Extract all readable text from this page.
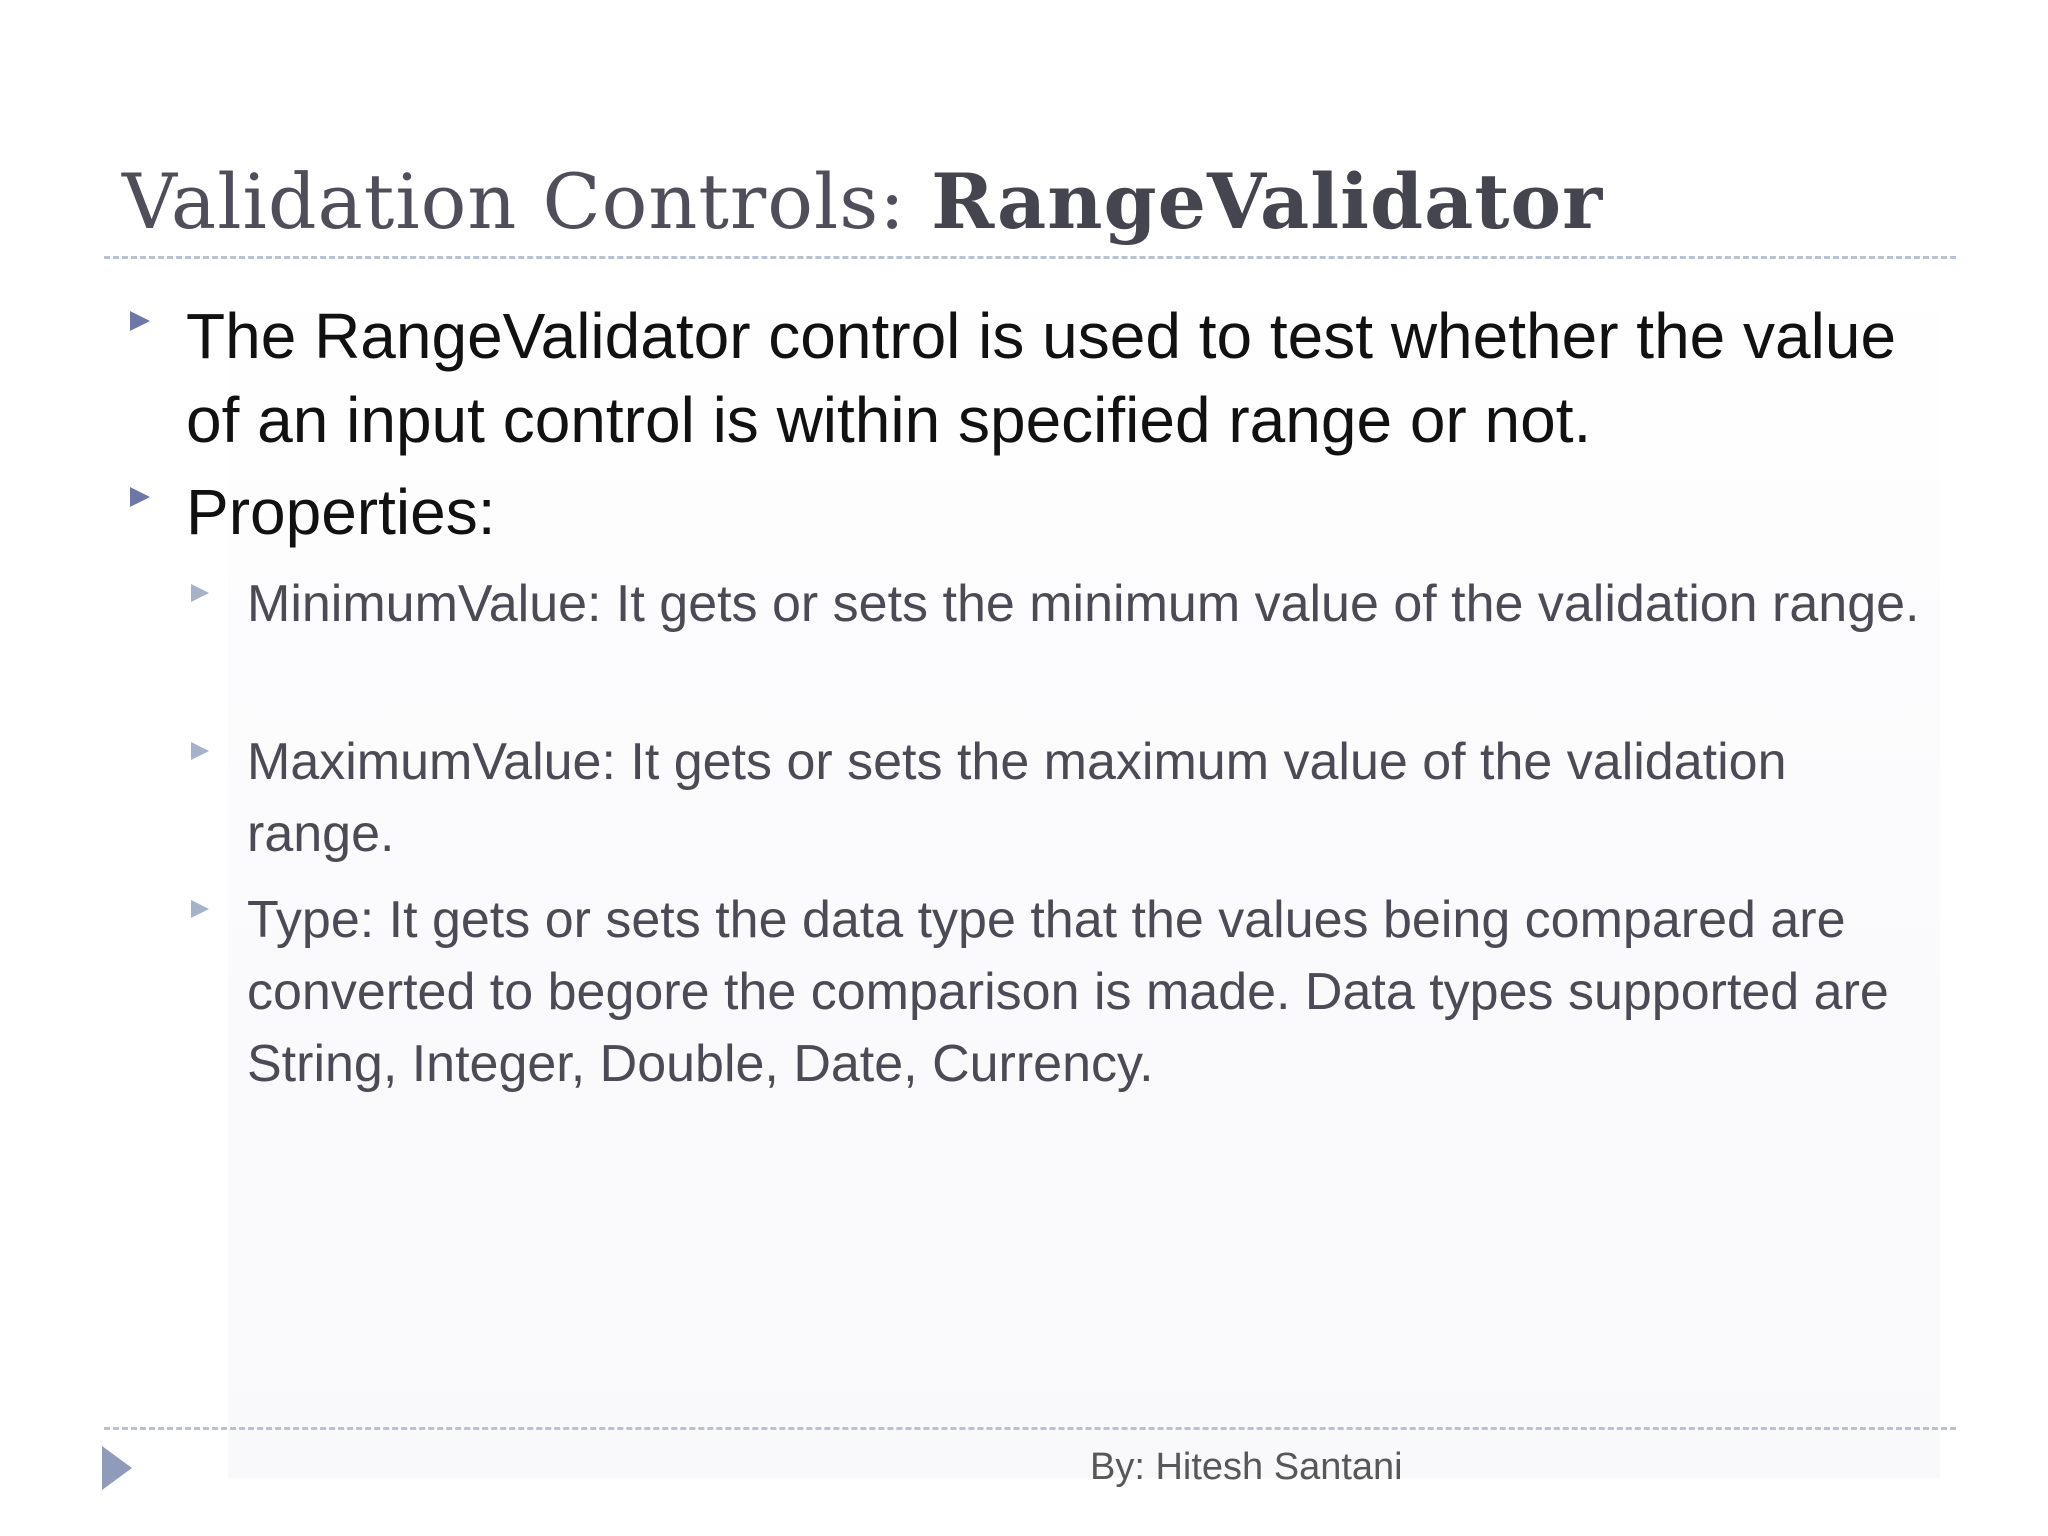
Validation Controls: RangeValidator
The RangeValidator control is used to test whether the value of an input control is within specified range or not.
Properties:
MinimumValue: It gets or sets the minimum value of the validation range.
MaximumValue: It gets or sets the maximum value of the validation range.
Type: It gets or sets the data type that the values being compared are converted to begore the comparison is made. Data types supported are String, Integer, Double, Date, Currency.
By: Hitesh Santani
